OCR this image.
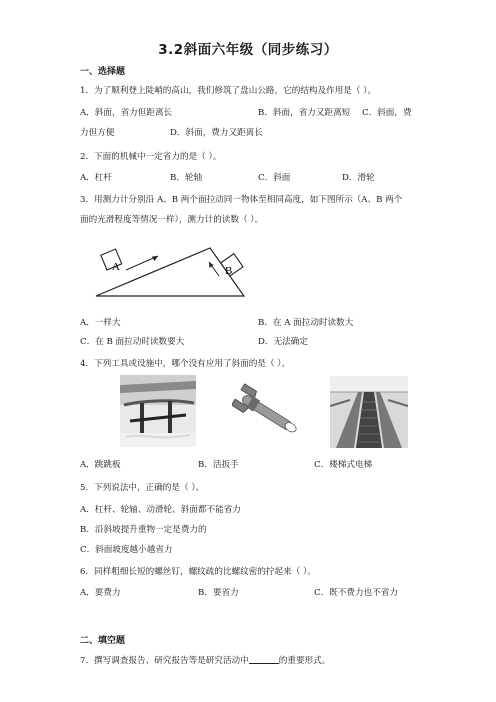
3.2斜面六年级（同步练习）
一、选择题
1．为了顺利登上陡峭的高山，我们修筑了盘山公路，它的结构及作用是（ ）。
A．斜面，省力但距离长	B．斜面，省力又距离短 C．斜面，费
力但方便	D．斜面，费力又距离长
2．下面的机械中一定省力的是（ ）。
A．杠杆	B．轮轴	C．斜面	D．滑轮
3．用测力计分别沿 A、B 两个面拉动同一物体至相同高度，如下图所示（A、B 两个
面的光滑程度等情况一样），测力计的读数（ ）。
A	B
A．一样大	B．在 A 面拉动时读数大
C．在 B 面拉动时读数要大	D．无法确定
4．下列工具或设施中，哪个没有应用了斜面的是（ ）。
A．跳跳板	B．活扳手	C．楼梯式电梯
5．下列说法中，正确的是（ ）。
A．杠杆、轮轴、动滑轮、斜面都不能省力
B．沿斜坡提升重物一定是费力的
C．斜面坡度越小越省力
6．同样粗细长短的螺丝钉，螺纹疏的比螺纹密的拧起来（ ）。
A．要费力	B．要省力	C．既不费力也不省力
二、填空题
7．撰写调查报告、研究报告等是研究活动中	的重要形式。
